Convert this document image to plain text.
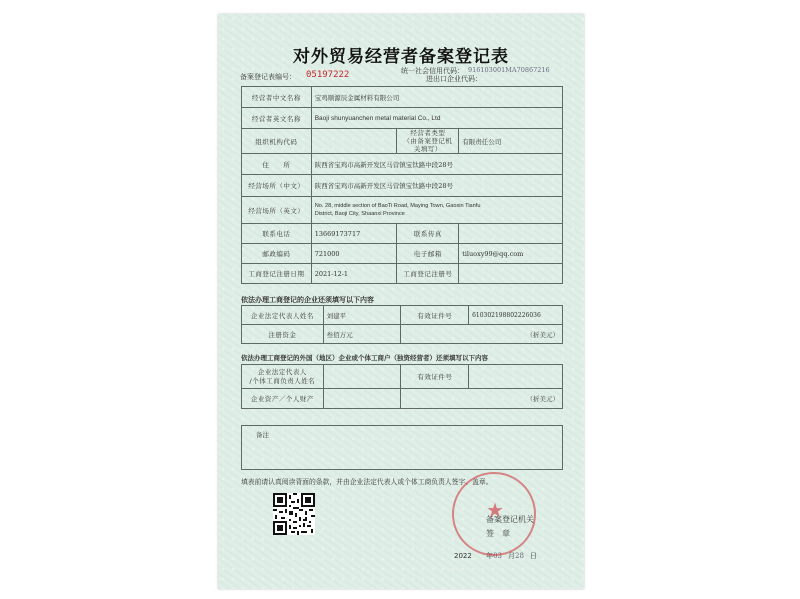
对外贸易经营者备案登记表
备案登记表编号： 05197222	统一社会信用代码： 916103001MA70867216
进出口企业代码：
经营者中文名称	宝鸡顺源辰金属材料有限公司		
经营者英文名称	Baoji shunyuanchen metal material Co., Ltd		
组织机构代码		经营者类型
（由备案登记机关填写）	有限责任公司
住　　所	陕西省宝鸡市高新开发区马营镇宝钛路中段28号		
经营场所（中文）	陕西省宝鸡市高新开发区马营镇宝钛路中段28号		
经营场所（英文）	No. 28, middle section of BaoTi Road, Maying Town, Gaoxin Tianfu
District, Baoji City, Shaanxi Province		

联系电话	13669173717	联系传真	
邮政编码	721000	电子邮箱	tiluoxy99@qq.com
工商登记注册日期	2021-12-1	工商登记注册号	
依法办理工商登记的企业还须填写以下内容
企业法定代表人姓名	刘建平	有效证件号	610302198802226036
注册资金	叁佰万元	（折美元）	
依法办理工商登记的外国（地区）企业或个体工商户（独资经营者）还须填写以下内容
企业法定代表人
/个体工商负责人姓名		有效证件号	
企业资产／个人财产		（折美元）	
备注
填表前请认真阅读背面的条款，并由企业法定代表人或个体工商负责人签字、盖章。
备案登记机关
签　章
2022 年03 月28 日
★
